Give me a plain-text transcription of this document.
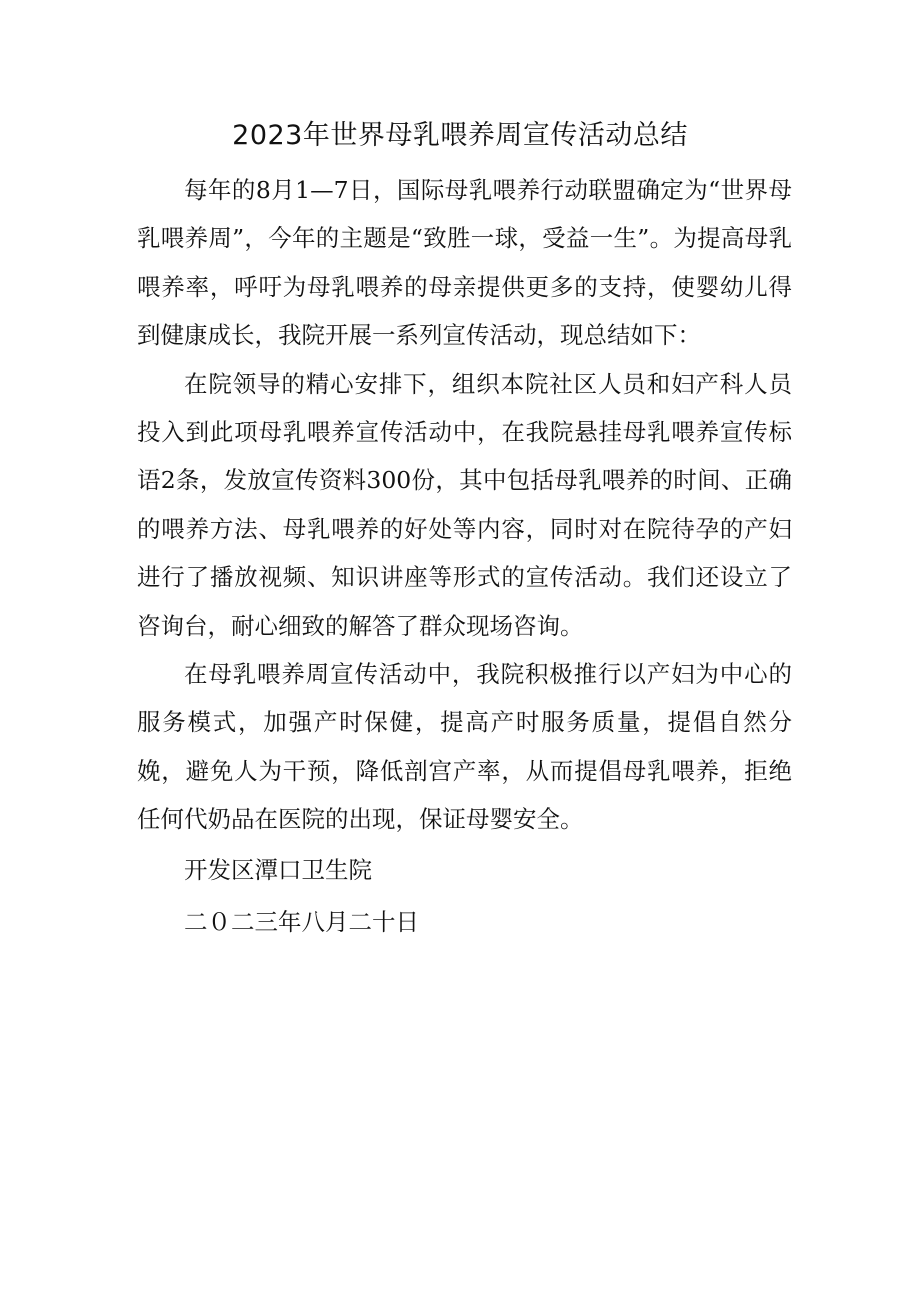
2023年世界母乳喂养周宣传活动总结

每年的8月1—7日，国际母乳喂养行动联盟确定为“世界母乳喂养周”，今年的主题是“致胜一球，受益一生”。为提高母乳喂养率，呼吁为母乳喂养的母亲提供更多的支持，使婴幼儿得到健康成长，我院开展一系列宣传活动，现总结如下：

在院领导的精心安排下，组织本院社区人员和妇产科人员投入到此项母乳喂养宣传活动中，在我院悬挂母乳喂养宣传标语2条，发放宣传资料300份，其中包括母乳喂养的时间、正确的喂养方法、母乳喂养的好处等内容，同时对在院待孕的产妇进行了播放视频、知识讲座等形式的宣传活动。我们还设立了咨询台，耐心细致的解答了群众现场咨询。

在母乳喂养周宣传活动中，我院积极推行以产妇为中心的服务模式，加强产时保健，提高产时服务质量，提倡自然分娩，避免人为干预，降低剖宫产率，从而提倡母乳喂养，拒绝任何代奶品在医院的出现，保证母婴安全。

开发区潭口卫生院

二０二三年八月二十日
